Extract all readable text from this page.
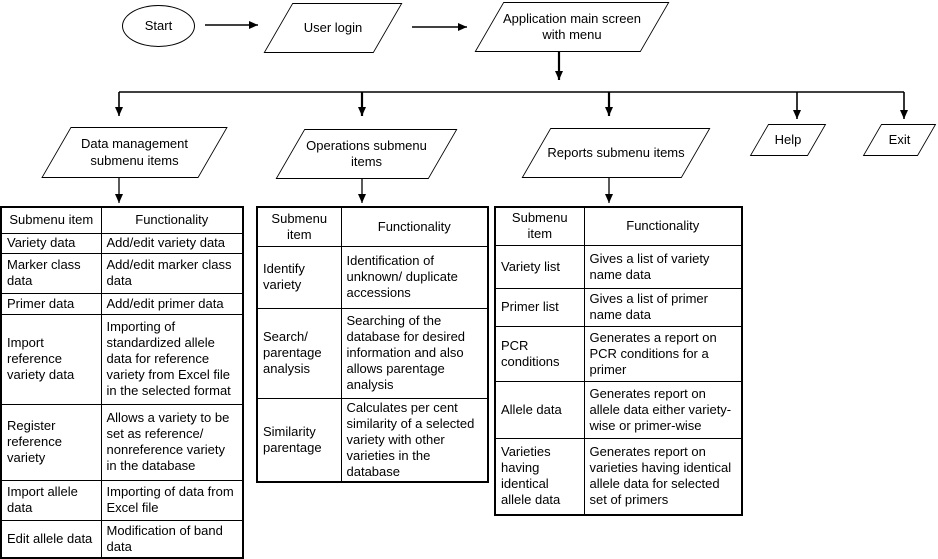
Start	User login
Application main screen with menu
Data management submenu items
Operations submenu items
Reports submenu items
Help	Exit
Submenu item	Functionality
Variety data	Add/edit variety data
Marker class data	Add/edit marker class data
Primer data	Add/edit primer data
Import reference variety data	Importing of standardized allele data for reference variety from Excel file in the selected format
Register reference variety	Allows a variety to be set as reference/ nonreference variety in the database
Import allele data	Importing of data from Excel file
Edit allele data	Modification of band data
Submenu item	Functionality
Identify variety	Identification of unknown/ duplicate accessions
Search/ parentage analysis	Searching of the database for desired information and also allows parentage analysis
Similarity parentage	Calculates per cent similarity of a selected variety with other varieties in the database
Submenu item	Functionality
Variety list	Gives a list of variety name data
Primer list	Gives a list of primer name data
PCR conditions	Generates a report on PCR conditions for a primer
Allele data	Generates report on allele data either variety-wise or primer-wise
Varieties having identical allele data	Generates report on varieties having identical allele data for selected set of primers
